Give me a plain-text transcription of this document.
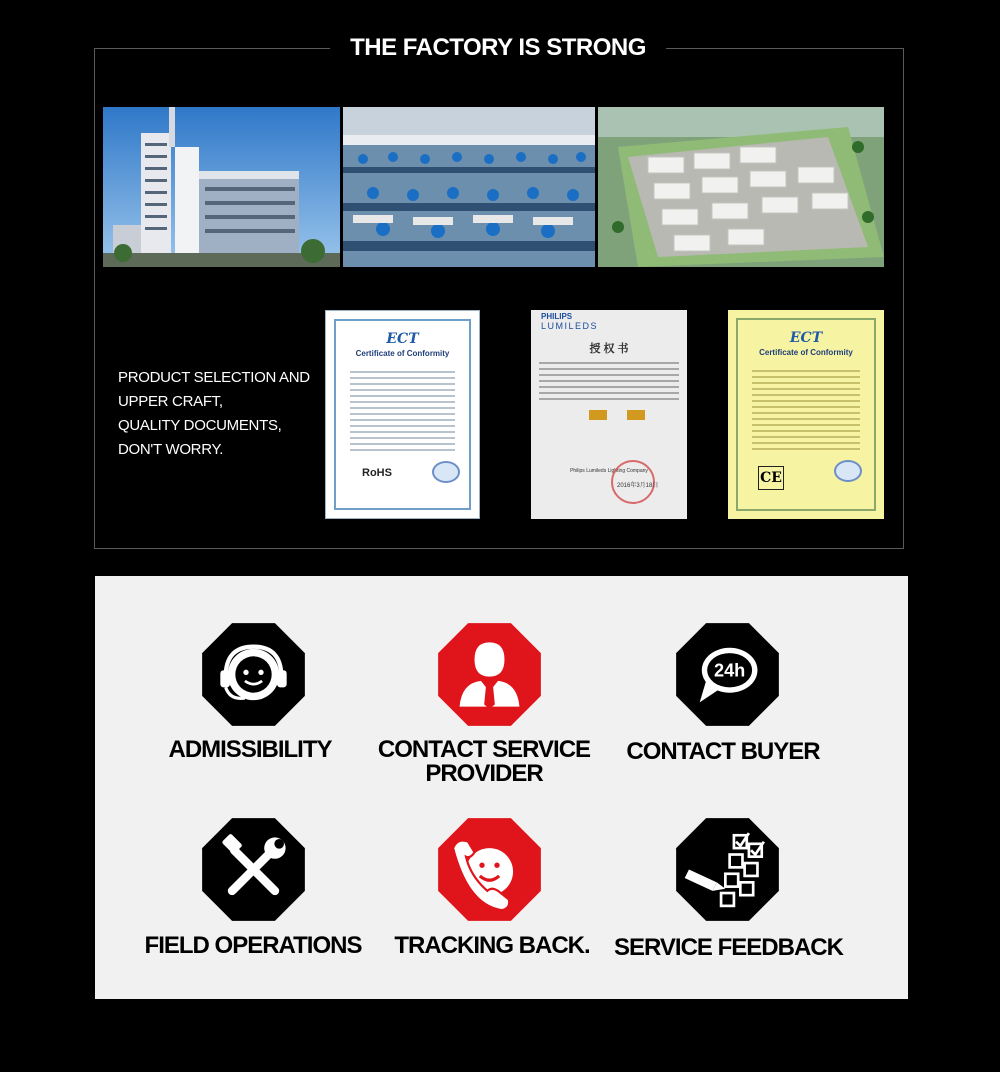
THE FACTORY IS STRONG
PRODUCT SELECTION AND
UPPER CRAFT,
QUALITY DOCUMENTS,
DON'T WORRY.
ECT
Certificate of Conformity
RoHS
PHILIPS
LUMILEDS
授 权 书
Philips Lumileds Lighting Company
2016年3月18日
ECT
Certificate of Conformity
CE
24h
ADMISSIBILITY	CONTACT SERVICE
PROVIDER
CONTACT BUYER
FIELD OPERATIONS TRACKING BACK. SERVICE FEEDBACK
